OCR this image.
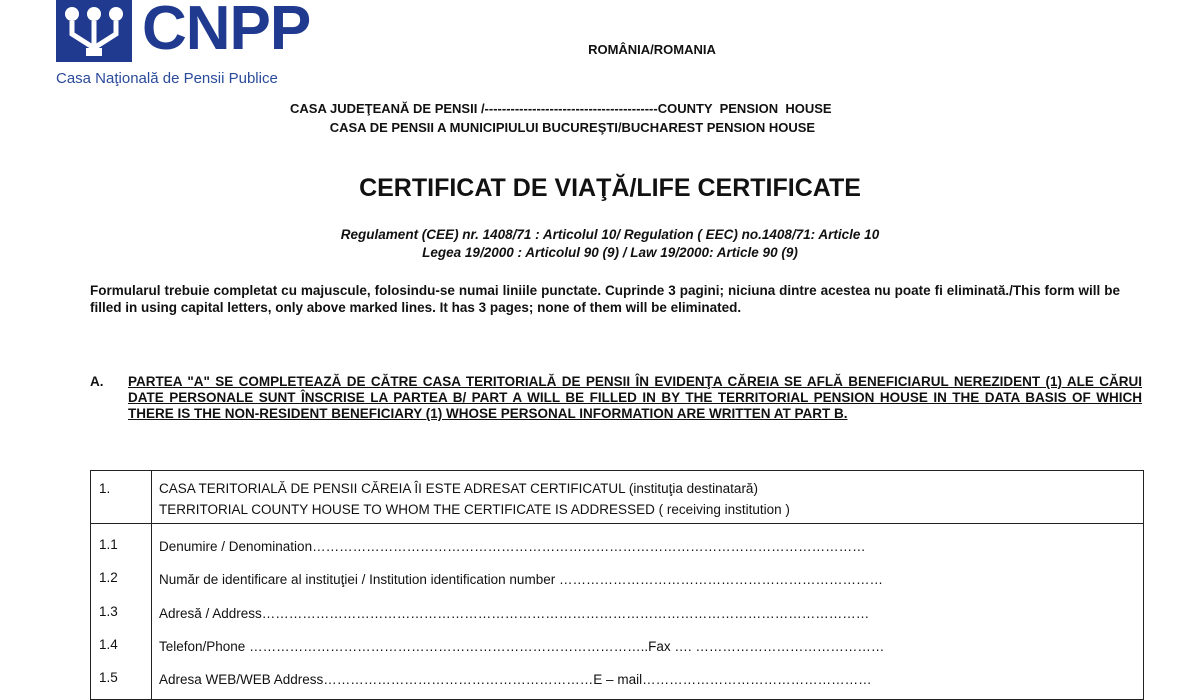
CNPP
Casa Naţională de Pensii Publice
ROMÂNIA/ROMANIA
CASA JUDEŢEANĂ DE PENSII /----------------------------------------COUNTY  PENSION  HOUSE
CASA DE PENSII A MUNICIPIULUI BUCUREŞTI/BUCHAREST PENSION HOUSE
CERTIFICAT DE VIAŢĂ/LIFE CERTIFICATE
Regulament (CEE) nr. 1408/71 : Articolul 10/ Regulation ( EEC) no.1408/71: Article 10
Legea 19/2000 : Articolul 90 (9) / Law 19/2000: Article 90 (9)
Formularul trebuie completat cu majuscule, folosindu-se numai liniile punctate. Cuprinde 3 pagini; niciuna dintre acestea nu poate fi eliminată./This form will be filled in using capital letters, only above marked lines. It has 3 pages; none of them will be eliminated.
A. PARTEA "A" SE COMPLETEAZĂ DE CĂTRE CASA TERITORIALĂ DE PENSII ÎN EVIDENŢA CĂREIA SE AFLĂ BENEFICIARUL NEREZIDENT (1) ALE CĂRUI DATE PERSONALE SUNT ÎNSCRISE LA PARTEA B/ PART A WILL BE FILLED IN BY THE TERRITORIAL PENSION HOUSE IN THE DATA BASIS OF WHICH THERE IS THE NON-RESIDENT BENEFICIARY (1) WHOSE PERSONAL INFORMATION ARE WRITTEN AT PART B.
1.	CASA TERITORIALĂ DE PENSII CĂREIA ÎI ESTE ADRESAT CERTIFICATUL (instituţia destinatară)
TERRITORIAL COUNTY HOUSE TO WHOM THE CERTIFICATE IS ADDRESSED ( receiving institution )
1.1	Denumire / Denomination……………………………………………………………………………………………………………
1.2	Număr de identificare al instituţiei / Institution identification number ………………………………………………………………
1.3	Adresă / Address………………………………………………………………………………………………………………………
1.4	Telefon/Phone ……………………………………………………………………………..Fax …. ……………………………………
1.5	Adresa WEB/WEB Address……………………………………………………E – mail……………………………………………
